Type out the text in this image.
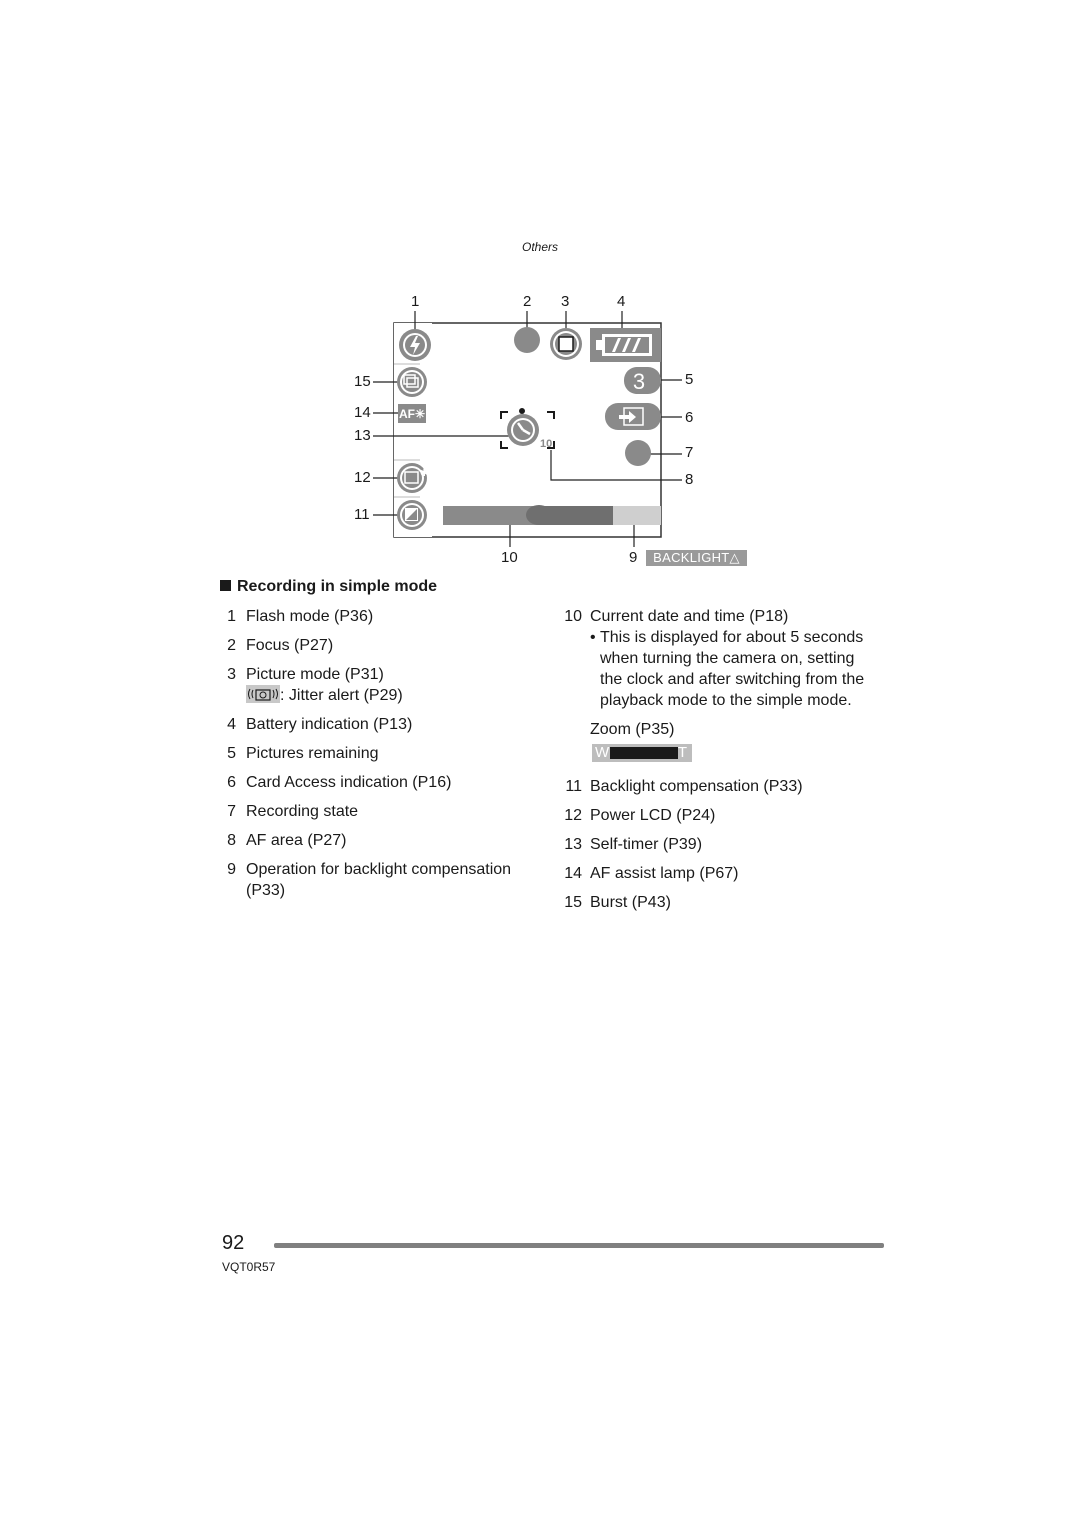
Others
1	2 3	4
15
14
13
12
11
5
6
7
8
10	9
AF✳
✱
3
10
BACKLIGHT△
Recording in simple mode
1 Flash mode (P36)
2 Focus (P27)
3 Picture mode (P31)
: Jitter alert (P29)
4 Battery indication (P13)
5 Pictures remaining
6 Card Access indication (P16)
7 Recording state
8 AF area (P27)
9 Operation for backlight compensation
(P33)
10 Current date and time (P18)
• This is displayed for about 5 seconds
when turning the camera on, setting
the clock and after switching from the
playback mode to the simple mode.
Zoom (P35)
W	T
11 Backlight compensation (P33)
12 Power LCD (P24)
13 Self-timer (P39)
14 AF assist lamp (P67)
15 Burst (P43)
92
VQT0R57
